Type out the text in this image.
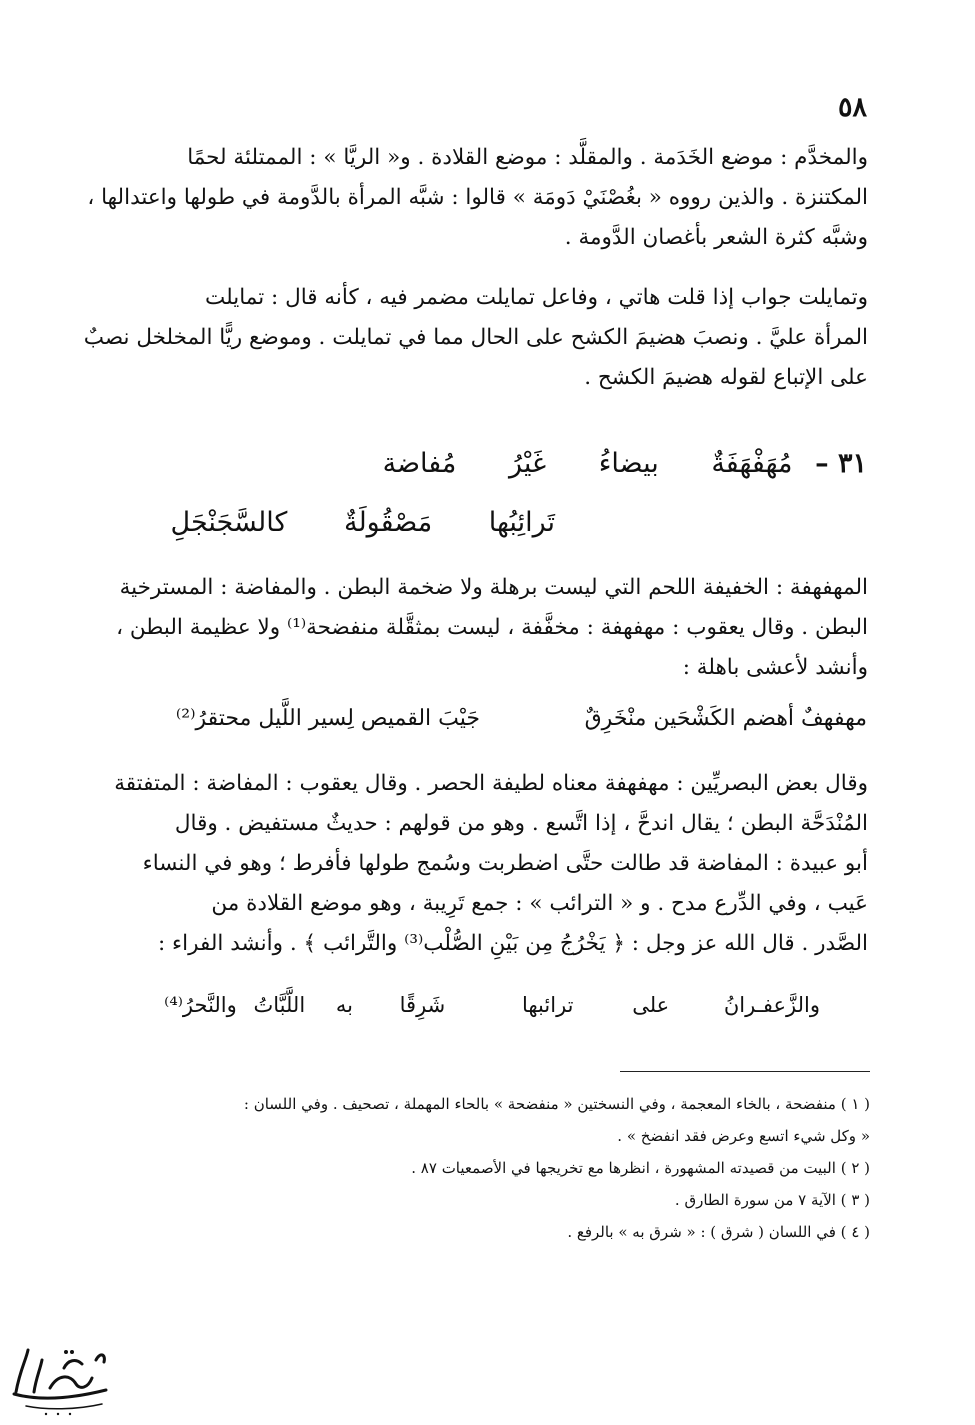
٥٨

والمخدَّم : موضع الخَدَمة . والمقلَّد : موضع القلادة . و« الريَّا » : الممتلئة لحمًا
المكتنزة . والذين رووه « بغُصْنَيْ دَومَة » قالوا : شبَّه المرأة بالدَّومة في طولها واعتدالها ،
وشبَّه كثرة الشعر بأغصان الدَّومة .

وتمايلت جواب إذا قلت هاتي ، وفاعل تمايلت مضمر فيه ، كأنه قال : تمايلت
المرأة عليَّ . ونصبَ هضيمَ الكشح على الحال مما في تمايلت . وموضع ريًّا المخلخل نصبٌ
على الإتباع لقوله هضيمَ الكشح .

٣١ – مُهَفْهَفَةٌ بيضاءُ غَيْرُ مُفاضة
تَرائِبُها مَصْقُولَةٌ كالسَّجَنْجَلِ

المهفهفة : الخفيفة اللحم التي ليست برهلة ولا ضخمة البطن . والمفاضة : المسترخية
البطن . وقال يعقوب : مهفهفة : مخفَّفة ، ليست بمثقَّلة منفضحة⁽¹⁾ ولا عظيمة البطن ،
وأنشد لأعشى باهلة :

مهفهفٌ أهضم الكَشْحَين منْخَرِقٌ
جَيْبَ القميص لِسير اللَّيل محتقرُ⁽²⁾

وقال بعض البصريِّين : مهفهفة معناه لطيفة الحصر . وقال يعقوب : المفاضة : المتفتقة
المُنْدَحَّة البطن ؛ يقال اندحَّ ، إذا اتَّسع . وهو من قولهم : حديثٌ مستفيض . وقال
أبو عبيدة : المفاضة قد طالت حتَّى اضطربت وسُمج طولها فأفرط ؛ وهو في النساء
عَيب ، وفي الدِّرع مدح . و « الترائب » : جمع تَرِيبة ، وهو موضع القلادة من
الصَّدر . قال الله عز وجل : ﴿ يَخْرُجُ مِن بَيْنِ الصُّلْب⁽³⁾ والتَّرائب ﴾ . وأنشد الفراء :

والزَّعفـرانُ على ترائبها شَرِقًا به اللَّبَّاتُ والنَّحرُ⁽⁴⁾
( ١ ) منفضحة ، بالخاء المعجمة ، وفي النسختين « منفضحة » بالحاء المهملة ، تصحيف . وفي اللسان :
« وكل شيء اتسع وعرض فقد انفضخ » .
( ٢ ) البيت من قصيدته المشهورة ، انظرها مع تخريجها في الأصمعيات ٨٧ .
( ٣ ) الآية ٧ من سورة الطارق .
( ٤ ) في اللسان ( شرق ) : « شرق به » بالرفع .
